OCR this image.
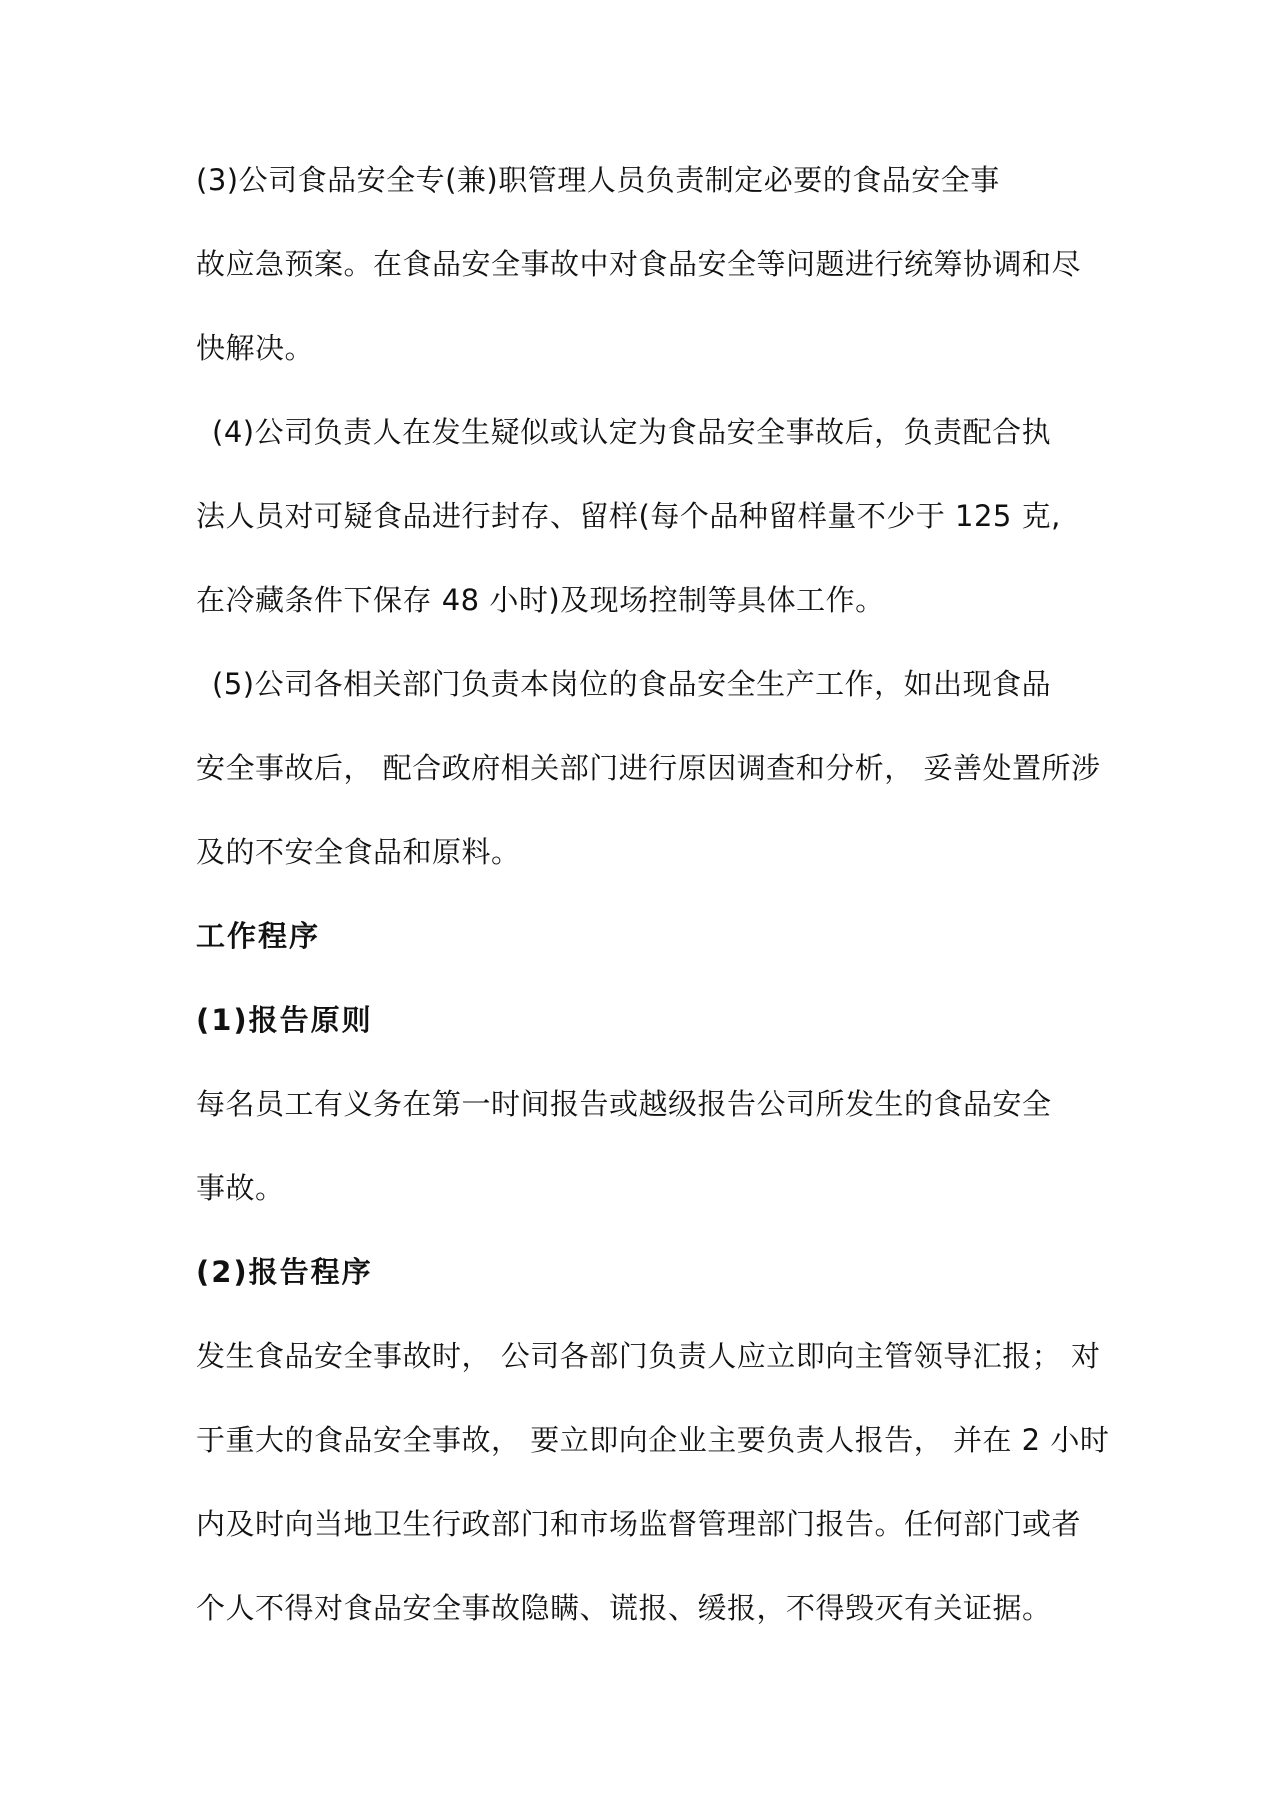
(3)公司食品安全专(兼)职管理人员负责制定必要的食品安全事
故应急预案。在食品安全事故中对食品安全等问题进行统筹协调和尽
快解决。
(4)公司负责人在发生疑似或认定为食品安全事故后，负责配合执
法人员对可疑食品进行封存、留样(每个品种留样量不少于 125 克,
在冷藏条件下保存 48 小时)及现场控制等具体工作。
(5)公司各相关部门负责本岗位的食品安全生产工作，如出现食品
安全事故后， 配合政府相关部门进行原因调查和分析， 妥善处置所涉
及的不安全食品和原料。
工作程序
(1)报告原则
每名员工有义务在第一时间报告或越级报告公司所发生的食品安全
事故。
(2)报告程序
发生食品安全事故时， 公司各部门负责人应立即向主管领导汇报； 对
于重大的食品安全事故， 要立即向企业主要负责人报告， 并在 2 小时
内及时向当地卫生行政部门和市场监督管理部门报告。任何部门或者
个人不得对食品安全事故隐瞒、谎报、缓报，不得毁灭有关证据。
